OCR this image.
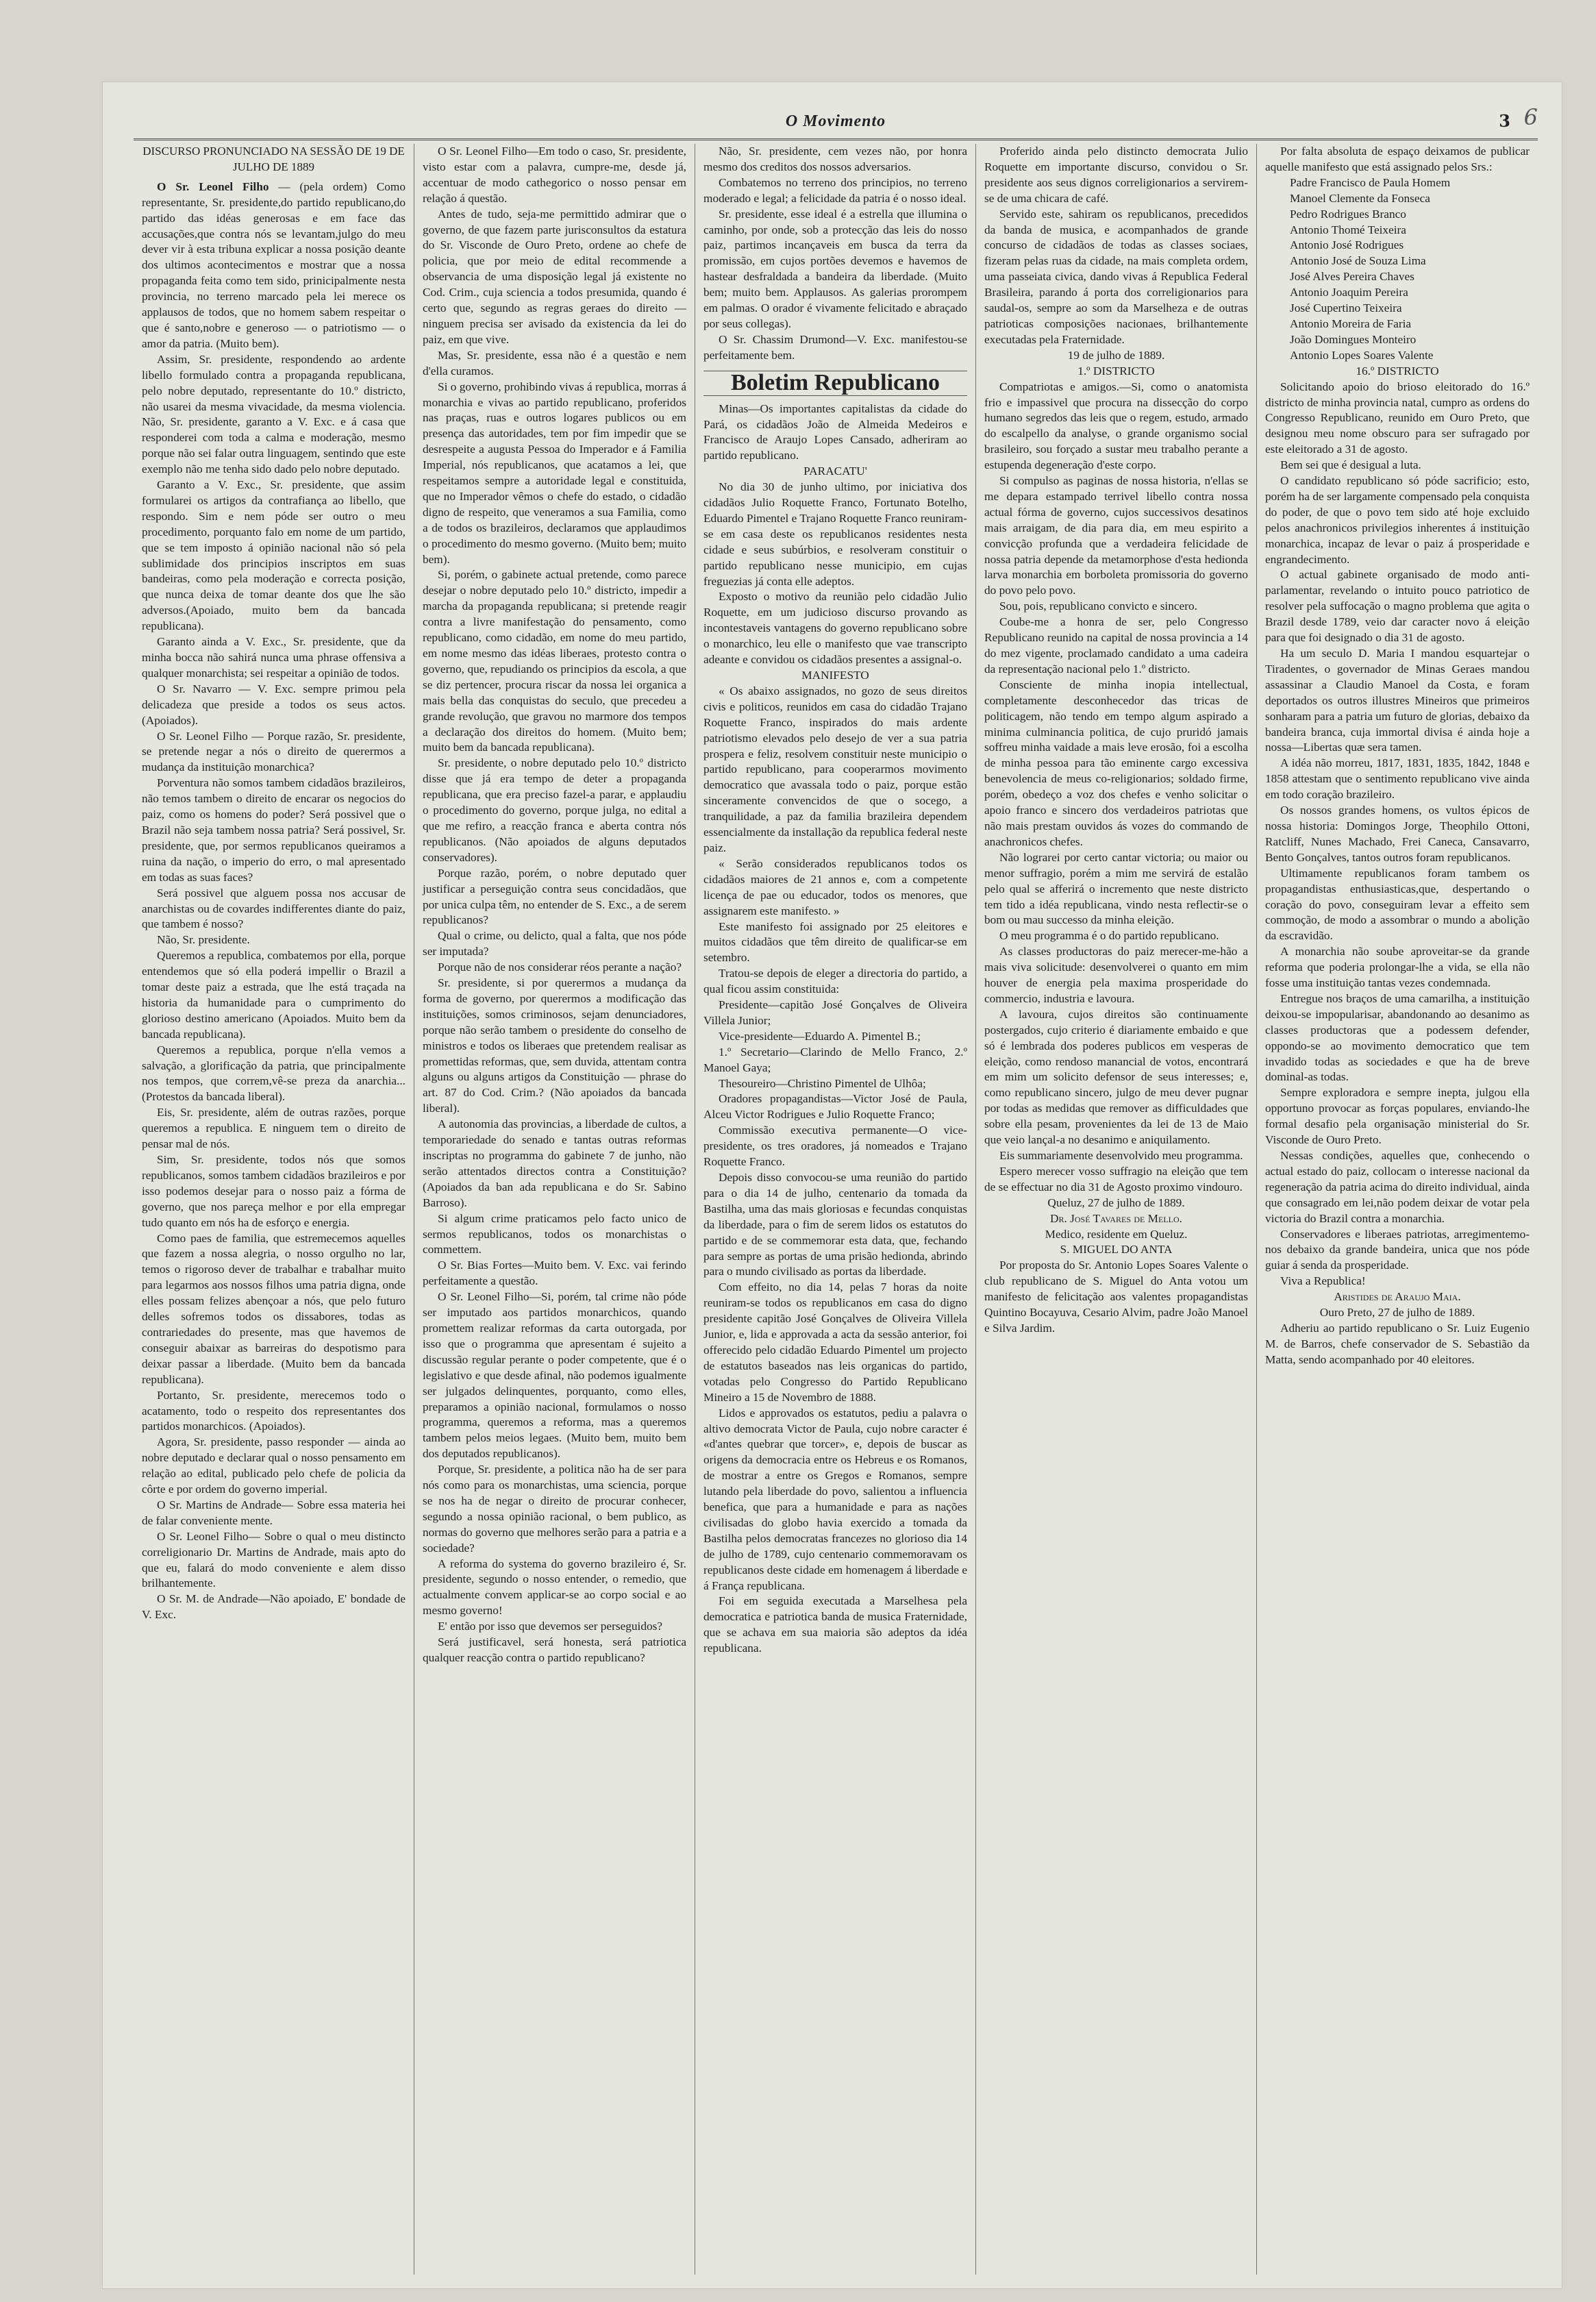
O Movimento	3 6

DISCURSO PRONUNCIADO NA SESSÃO DE 19 DE JULHO DE 1889

O Sr. Leonel Filho — (pela ordem) Como representante, Sr. presidente,do partido republicano,do partido das idéas generosas e em face das accusações,que contra nós se levantam,julgo do meu dever vir à esta tribuna explicar a nossa posição deante dos ultimos acontecimentos e mostrar que a nossa propaganda feita como tem sido, prinicipalmente nesta provincia, no terreno marcado pela lei merece os applausos de todos, que no homem sabem respeitar o que é santo,nobre e generoso — o patriotismo — o amor da patria. (Muito bem).

Assim, Sr. presidente, respondendo ao ardente libello formulado contra a propaganda republicana, pelo nobre deputado, representante do 10.º districto, não usarei da mesma vivacidade, da mesma violencia. Não, Sr. presidente, garanto a V. Exc. e á casa que responderei com toda a calma e moderação, mesmo porque não sei falar outra linguagem, sentindo que este exemplo não me tenha sido dado pelo nobre deputado.

Garanto a V. Exc., Sr. presidente, que assim formularei os artigos da contrafiança ao libello, que respondo. Sim e nem póde ser outro o meu procedimento, porquanto falo em nome de um partido, que se tem imposto á opinião nacional não só pela sublimidade dos principios inscriptos em suas bandeiras, como pela moderação e correcta posição, que nunca deixa de tomar deante dos que lhe são adversos.(Apoiado, muito bem da bancada republicana).

Garanto ainda a V. Exc., Sr. presidente, que da minha bocca não sahirá nunca uma phrase offensiva a qualquer monarchista; sei respeitar a opinião de todos.

O Sr. Navarro — V. Exc. sempre primou pela delicadeza que preside a todos os seus actos. (Apoiados).

O Sr. Leonel Filho — Porque razão, Sr. presidente, se pretende negar a nós o direito de querermos a mudança da instituição monarchica?

Porventura não somos tambem cidadãos brazileiros, não temos tambem o direito de encarar os negocios do paiz, como os homens do poder? Será possivel que o Brazil não seja tambem nossa patria? Será possivel, Sr. presidente, que, por sermos republicanos queiramos a ruina da nação, o imperio do erro, o mal apresentado em todas as suas faces?

Será possivel que alguem possa nos accusar de anarchistas ou de covardes indifferentes diante do paiz, que tambem é nosso?

Não, Sr. presidente.

Queremos a republica, combatemos por ella, porque entendemos que só ella poderá impellir o Brazil a tomar deste paiz a estrada, que lhe está traçada na historia da humanidade para o cumprimento do glorioso destino americano (Apoiados. Muito bem da bancada republicana).

Queremos a republica, porque n'ella vemos a salvação, a glorificação da patria, que principalmente nos tempos, que correm,vê-se preza da anarchia... (Protestos da bancada liberal).

Eis, Sr. presidente, além de outras razões, porque queremos a republica. E ninguem tem o direito de pensar mal de nós.

Sim, Sr. presidente, todos nós que somos republicanos, somos tambem cidadãos brazileiros e por isso podemos desejar para o nosso paiz a fórma de governo, que nos pareça melhor e por ella empregar tudo quanto em nós ha de esforço e energia.

Como paes de familia, que estremecemos aquelles que fazem a nossa alegria, o nosso orgulho no lar, temos o rigoroso dever de trabalhar e trabalhar muito para legarmos aos nossos filhos uma patria digna, onde elles possam felizes abençoar a nós, que pelo futuro delles sofremos todos os dissabores, todas as contrariedades do presente, mas que havemos de conseguir abaixar as barreiras do despotismo para deixar passar a liberdade. (Muito bem da bancada republicana).

Portanto, Sr. presidente, merecemos todo o acatamento, todo o respeito dos representantes dos partidos monarchicos. (Apoiados).

Agora, Sr. presidente, passo responder — ainda ao nobre deputado e declarar qual o nosso pensamento em relação ao edital, publicado pelo chefe de policia da côrte e por ordem do governo imperial.

O Sr. Martins de Andrade— Sobre essa materia hei de falar conveniente mente.

O Sr. Leonel Filho— Sobre o qual o meu distincto correligionario Dr. Martins de Andrade, mais apto do que eu, falará do modo conveniente e alem disso brilhantemente.

O Sr. M. de Andrade—Não apoiado, E' bondade de V. Exc.

O Sr. Leonel Filho—Em todo o caso, Sr. presidente, visto estar com a palavra, cumpre-me, desde já, accentuar de modo cathegorico o nosso pensar em relação á questão.

Antes de tudo, seja-me permittido admirar que o governo, de que fazem parte jurisconsultos da estatura do Sr. Visconde de Ouro Preto, ordene ao chefe de policia, que por meio de edital recommende a observancia de uma disposição legal já existente no Cod. Crim., cuja sciencia a todos presumida, quando é certo que, segundo as regras geraes do direito — ninguem precisa ser avisado da existencia da lei do paiz, em que vive.

Mas, Sr. presidente, essa não é a questão e nem d'ella curamos.

Si o governo, prohibindo vivas á republica, morras á monarchia e vivas ao partido republicano, proferidos nas praças, ruas e outros logares publicos ou em presença das autoridades, tem por fim impedir que se desrespeite a augusta Pessoa do Imperador e á Familia Imperial, nós republicanos, que acatamos a lei, que respeitamos sempre a autoridade legal e constituida, que no Imperador vêmos o chefe do estado, o cidadão digno de respeito, que veneramos a sua Familia, como a de todos os brazileiros, declaramos que applaudimos o procedimento do mesmo governo. (Muito bem; muito bem).

Si, porém, o gabinete actual pretende, como parece desejar o nobre deputado pelo 10.º districto, impedir a marcha da propaganda republicana; si pretende reagir contra a livre manifestação do pensamento, como republicano, como cidadão, em nome do meu partido, em nome mesmo das idéas liberaes, protesto contra o governo, que, repudiando os principios da escola, a que se diz pertencer, procura riscar da nossa lei organica a mais bella das conquistas do seculo, que precedeu a grande revolução, que gravou no marmore dos tempos a declaração dos direitos do homem. (Muito bem; muito bem da bancada republicana).

Sr. presidente, o nobre deputado pelo 10.º districto disse que já era tempo de deter a propaganda republicana, que era preciso fazel-a parar, e applaudiu o procedimento do governo, porque julga, no edital a que me refiro, a reacção franca e aberta contra nós republicanos. (Não apoiados de alguns deputados conservadores).

Porque razão, porém, o nobre deputado quer justificar a perseguição contra seus concidadãos, que por unica culpa têm, no entender de S. Exc., a de serem republicanos?

Qual o crime, ou delicto, qual a falta, que nos póde ser imputada?

Porque não de nos considerar réos perante a nação?

Sr. presidente, si por querermos a mudança da forma de governo, por querermos a modificação das instituições, somos criminosos, sejam denunciadores, porque não serão tambem o presidente do conselho de ministros e todos os liberaes que pretendem realisar as promettidas reformas, que, sem duvida, attentam contra alguns ou alguns artigos da Constituição — phrase do art. 87 do Cod. Crim.? (Não apoiados da bancada liberal).

A autonomia das provincias, a liberdade de cultos, a temporariedade do senado e tantas outras reformas inscriptas no programma do gabinete 7 de junho, não serão attentados directos contra a Constituição? (Apoiados da ban ada republicana e do Sr. Sabino Barroso).

Si algum crime praticamos pelo facto unico de sermos republicanos, todos os monarchistas o commettem.

O Sr. Bias Fortes—Muito bem. V. Exc. vai ferindo perfeitamente a questão.

O Sr. Leonel Filho—Si, porém, tal crime não póde ser imputado aos partidos monarchicos, quando promettem realizar reformas da carta outorgada, por isso que o programma que apresentam é sujeito a discussão regular perante o poder competente, que é o legislativo e que desde afinal, não podemos igualmente ser julgados delinquentes, porquanto, como elles, preparamos a opinião nacional, formulamos o nosso programma, queremos a reforma, mas a queremos tambem pelos meios legaes. (Muito bem, muito bem dos deputados republicanos).

Porque, Sr. presidente, a politica não ha de ser para nós como para os monarchistas, uma sciencia, porque se nos ha de negar o direito de procurar conhecer, segundo a nossa opinião racional, o bem publico, as normas do governo que melhores serão para a patria e a sociedade?

A reforma do systema do governo brazileiro é, Sr. presidente, segundo o nosso entender, o remedio, que actualmente convem applicar-se ao corpo social e ao mesmo governo!

E' então por isso que devemos ser perseguidos?

Será justificavel, será honesta, será patriotica qualquer reacção contra o partido republicano?

Não, Sr. presidente, cem vezes não, por honra mesmo dos creditos dos nossos adversarios.

Combatemos no terreno dos principios, no terreno moderado e legal; a felicidade da patria é o nosso ideal.

Sr. presidente, esse ideal é a estrella que illumina o caminho, por onde, sob a protecção das leis do nosso paiz, partimos incançaveis em busca da terra da promissão, em cujos portões devemos e havemos de hastear desfraldada a bandeira da liberdade. (Muito bem; muito bem. Applausos. As galerias prorompem em palmas. O orador é vivamente felicitado e abraçado por seus collegas).

O Sr. Chassim Drumond—V. Exc. manifestou-se perfeitamente bem.

Boletim Republicano

Minas—Os importantes capitalistas da cidade do Pará, os cidadãos João de Almeida Medeiros e Francisco de Araujo Lopes Cansado, adheriram ao partido republicano.

PARACATU'

No dia 30 de junho ultimo, por iniciativa dos cidadãos Julio Roquette Franco, Fortunato Botelho, Eduardo Pimentel e Trajano Roquette Franco reuniram-se em casa deste os republicanos residentes nesta cidade e seus subúrbios, e resolveram constituir o partido republicano nesse municipio, em cujas freguezias já conta elle adeptos.

Exposto o motivo da reunião pelo cidadão Julio Roquette, em um judicioso discurso provando as incontestaveis vantagens do governo republicano sobre o monarchico, leu elle o manifesto que vae transcripto adeante e convidou os cidadãos presentes a assignal-o.

MANIFESTO

« Os abaixo assignados, no gozo de seus direitos civis e politicos, reunidos em casa do cidadão Trajano Roquette Franco, inspirados do mais ardente patriotismo elevados pelo desejo de ver a sua patria prospera e feliz, resolvem constituir neste municipio o partido republicano, para cooperarmos movimento democratico que avassala todo o paiz, porque estão sinceramente convencidos de que o socego, a tranquilidade, a paz da familia brazileira dependem essencialmente da installação da republica federal neste paiz.

« Serão considerados republicanos todos os cidadãos maiores de 21 annos e, com a competente licença de pae ou educador, todos os menores, que assignarem este manifesto. »

Este manifesto foi assignado por 25 eleitores e muitos cidadãos que têm direito de qualificar-se em setembro.

Tratou-se depois de eleger a directoria do partido, a qual ficou assim constituida:

Presidente—capitão José Gonçalves de Oliveira Villela Junior;

Vice-presidente—Eduardo A. Pimentel B.;

1.º Secretario—Clarindo de Mello Franco, 2.º Manoel Gaya;

Thesoureiro—Christino Pimentel de Ulhôa;

Oradores propagandistas—Victor José de Paula, Alceu Victor Rodrigues e Julio Roquette Franco;

Commissão executiva permanente—O vice-presidente, os tres oradores, já nomeados e Trajano Roquette Franco.

Depois disso convocou-se uma reunião do partido para o dia 14 de julho, centenario da tomada da Bastilha, uma das mais gloriosas e fecundas conquistas da liberdade, para o fim de serem lidos os estatutos do partido e de se commemorar esta data, que, fechando para sempre as portas de uma prisão hedionda, abrindo para o mundo civilisado as portas da liberdade.

Com effeito, no dia 14, pelas 7 horas da noite reuniram-se todos os republicanos em casa do digno presidente capitão José Gonçalves de Oliveira Villela Junior, e, lida e approvada a acta da sessão anterior, foi offerecido pelo cidadão Eduardo Pimentel um projecto de estatutos baseados nas leis organicas do partido, votadas pelo Congresso do Partido Republicano Mineiro a 15 de Novembro de 1888.

Lidos e approvados os estatutos, pediu a palavra o altivo democrata Victor de Paula, cujo nobre caracter é «d'antes quebrar que torcer», e, depois de buscar as origens da democracia entre os Hebreus e os Romanos, de mostrar a entre os Gregos e Romanos, sempre lutando pela liberdade do povo, salientou a influencia benefica, que para a humanidade e para as nações civilisadas do globo havia exercido a tomada da Bastilha pelos democratas francezes no glorioso dia 14 de julho de 1789, cujo centenario commemoravam os republicanos deste cidade em homenagem á liberdade e á França republicana.

Foi em seguida executada a Marselhesa pela democratica e patriotica banda de musica Fraternidade, que se achava em sua maioria são adeptos da idéa republicana.

Proferido ainda pelo distincto democrata Julio Roquette em importante discurso, convidou o Sr. presidente aos seus dignos correligionarios a servirem-se de uma chicara de café.

Servido este, sahiram os republicanos, precedidos da banda de musica, e acompanhados de grande concurso de cidadãos de todas as classes sociaes, fizeram pelas ruas da cidade, na mais completa ordem, uma passeiata civica, dando vivas á Republica Federal Brasileira, parando á porta dos correligionarios para saudal-os, sempre ao som da Marselheza e de outras patrioticas composições nacionaes, brilhantemente executadas pela Fraternidade.

19 de julho de 1889.

1.º DISTRICTO

Compatriotas e amigos.—Si, como o anatomista frio e impassivel que procura na dissecção do corpo humano segredos das leis que o regem, estudo, armado do escalpello da analyse, o grande organismo social brasileiro, sou forçado a sustar meu trabalho perante a estupenda degeneração d'este corpo.

Si compulso as paginas de nossa historia, n'ellas se me depara estampado terrivel libello contra nossa actual fórma de governo, cujos successivos desatinos mais arraigam, de dia para dia, em meu espirito a convicção profunda que a verdadeira felicidade de nossa patria depende da metamorphose d'esta hedionda larva monarchia em borboleta promissoria do governo do povo pelo povo.

Sou, pois, republicano convicto e sincero.

Coube-me a honra de ser, pelo Congresso Republicano reunido na capital de nossa provincia a 14 do mez vigente, proclamado candidato a uma cadeira da representação nacional pelo 1.º districto.

Consciente de minha inopia intellectual, completamente desconhecedor das tricas de politicagem, não tendo em tempo algum aspirado a minima culminancia politica, de cujo pruridó jamais soffreu minha vaidade a mais leve erosão, foi a escolha de minha pessoa para tão eminente cargo excessiva benevolencia de meus co-religionarios; soldado firme, porém, obedeço a voz dos chefes e venho solicitar o apoio franco e sincero dos verdadeiros patriotas que não mais prestam ouvidos ás vozes do commando de anachronicos chefes.

Não lograrei por certo cantar victoria; ou maior ou menor suffragio, porém a mim me servirá de estalão pelo qual se afferirá o incremento que neste districto tem tido a idéa republicana, vindo nesta reflectir-se o bom ou mau successo da minha eleição.

O meu programma é o do partido republicano.

As classes productoras do paiz merecer-me-hão a mais viva solicitude: desenvolverei o quanto em mim houver de energia pela maxima prosperidade do commercio, industria e lavoura.

A lavoura, cujos direitos são continuamente postergados, cujo criterio é diariamente embaido e que só é lembrada dos poderes publicos em vesperas de eleição, como rendoso manancial de votos, encontrará em mim um solicito defensor de seus interesses; e, como republicano sincero, julgo de meu dever pugnar por todas as medidas que remover as difficuldades que sobre ella pesam, provenientes da lei de 13 de Maio que veio lançal-a no desanimo e aniquilamento.

Eis summariamente desenvolvido meu programma.

Espero merecer vosso suffragio na eleição que tem de se effectuar no dia 31 de Agosto proximo vindouro.

Queluz, 27 de julho de 1889.

Dr. José Tavares de Mello.

Medico, residente em Queluz.

S. MIGUEL DO ANTA

Por proposta do Sr. Antonio Lopes Soares Valente o club republicano de S. Miguel do Anta votou um manifesto de felicitação aos valentes propagandistas Quintino Bocayuva, Cesario Alvim, padre João Manoel e Silva Jardim.

Por falta absoluta de espaço deixamos de publicar aquelle manifesto que está assignado pelos Srs.:

Padre Francisco de Paula Homem

Manoel Clemente da Fonseca

Pedro Rodrigues Branco

Antonio Thomé Teixeira

Antonio José Rodrigues

Antonio José de Souza Lima

José Alves Pereira Chaves

Antonio Joaquim Pereira

José Cupertino Teixeira

Antonio Moreira de Faria

João Domingues Monteiro

Antonio Lopes Soares Valente

16.º DISTRICTO

Solicitando apoio do brioso eleitorado do 16.º districto de minha provincia natal, cumpro as ordens do Congresso Republicano, reunido em Ouro Preto, que designou meu nome obscuro para ser sufragado por este eleitorado a 31 de agosto.

Bem sei que é desigual a luta.

O candidato republicano só póde sacrificio; esto, porém ha de ser largamente compensado pela conquista do poder, de que o povo tem sido até hoje excluido pelos anachronicos privilegios inherentes á instituição monarchica, incapaz de levar o paiz á prosperidade e engrandecimento.

O actual gabinete organisado de modo anti-parlamentar, revelando o intuito pouco patriotico de resolver pela suffocação o magno problema que agita o Brazil desde 1789, veio dar caracter novo á eleição para que foi designado o dia 31 de agosto.

Ha um seculo D. Maria I mandou esquartejar o Tiradentes, o governador de Minas Geraes mandou assassinar a Claudio Manoel da Costa, e foram deportados os outros illustres Mineiros que primeiros sonharam para a patria um futuro de glorias, debaixo da bandeira branca, cuja immortal divisa é ainda hoje a nossa—Libertas quæ sera tamen.

A idéa não morreu, 1817, 1831, 1835, 1842, 1848 e 1858 attestam que o sentimento republicano vive ainda em todo coração brazileiro.

Os nossos grandes homens, os vultos épicos de nossa historia: Domingos Jorge, Theophilo Ottoni, Ratcliff, Nunes Machado, Frei Caneca, Cansavarro, Bento Gonçalves, tantos outros foram republicanos.

Ultimamente republicanos foram tambem os propagandistas enthusiasticas,que, despertando o coração do povo, conseguiram levar a effeito sem commoção, de modo a assombrar o mundo a abolição da escravidão.

A monarchia não soube aproveitar-se da grande reforma que poderia prolongar-lhe a vida, se ella não fosse uma instituição tantas vezes condemnada.

Entregue nos braços de uma camarilha, a instituição deixou-se impopularisar, abandonando ao desanimo as classes productoras que a podessem defender, oppondo-se ao movimento democratico que tem invadido todas as sociedades e que ha de breve dominal-as todas.

Sempre exploradora e sempre inepta, julgou ella opportuno provocar as forças populares, enviando-lhe formal desafio pela organisação ministerial do Sr. Visconde de Ouro Preto.

Nessas condições, aquelles que, conhecendo o actual estado do paiz, collocam o interesse nacional da regeneração da patria acima do direito individual, ainda que consagrado em lei,não podem deixar de votar pela victoria do Brazil contra a monarchia.

Conservadores e liberaes patriotas, arregimentemo-nos debaixo da grande bandeira, unica que nos póde guiar á senda da prosperidade.

Viva a Republica!

Aristides de Araujo Maia.

Ouro Preto, 27 de julho de 1889.

Adheriu ao partido republicano o Sr. Luiz Eugenio M. de Barros, chefe conservador de S. Sebastião da Matta, sendo acompanhado por 40 eleitores.
